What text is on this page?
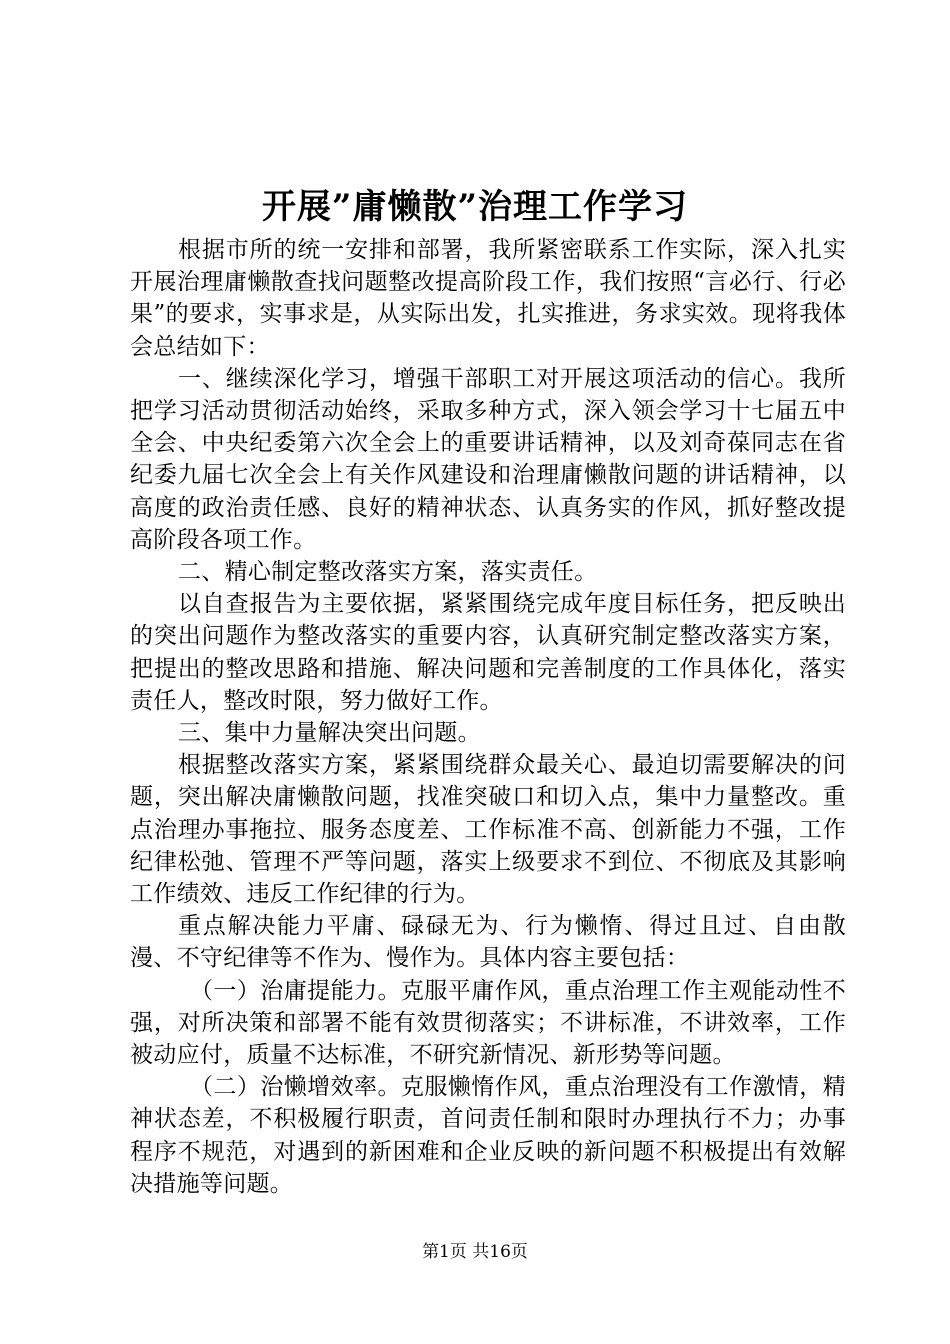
开展”庸懒散”治理工作学习

根据市所的统一安排和部署，我所紧密联系工作实际，深入扎实开展治理庸懒散查找问题整改提高阶段工作，我们按照“言必行、行必果”的要求，实事求是，从实际出发，扎实推进，务求实效。现将我体会总结如下：

一、继续深化学习，增强干部职工对开展这项活动的信心。我所把学习活动贯彻活动始终，采取多种方式，深入领会学习十七届五中全会、中央纪委第六次全会上的重要讲话精神，以及刘奇葆同志在省纪委九届七次全会上有关作风建设和治理庸懒散问题的讲话精神，以高度的政治责任感、良好的精神状态、认真务实的作风，抓好整改提高阶段各项工作。

二、精心制定整改落实方案，落实责任。

以自查报告为主要依据，紧紧围绕完成年度目标任务，把反映出的突出问题作为整改落实的重要内容，认真研究制定整改落实方案，把提出的整改思路和措施、解决问题和完善制度的工作具体化，落实责任人，整改时限，努力做好工作。

三、集中力量解决突出问题。

根据整改落实方案，紧紧围绕群众最关心、最迫切需要解决的问题，突出解决庸懒散问题，找准突破口和切入点，集中力量整改。重点治理办事拖拉、服务态度差、工作标准不高、创新能力不强，工作纪律松弛、管理不严等问题，落实上级要求不到位、不彻底及其影响工作绩效、违反工作纪律的行为。

重点解决能力平庸、碌碌无为、行为懒惰、得过且过、自由散漫、不守纪律等不作为、慢作为。具体内容主要包括：

（一）治庸提能力。克服平庸作风，重点治理工作主观能动性不强，对所决策和部署不能有效贯彻落实；不讲标准，不讲效率，工作被动应付，质量不达标准，不研究新情况、新形势等问题。

（二）治懒增效率。克服懒惰作风，重点治理没有工作激情，精神状态差，不积极履行职责，首问责任制和限时办理执行不力；办事程序不规范，对遇到的新困难和企业反映的新问题不积极提出有效解决措施等问题。

第1页 共16页
